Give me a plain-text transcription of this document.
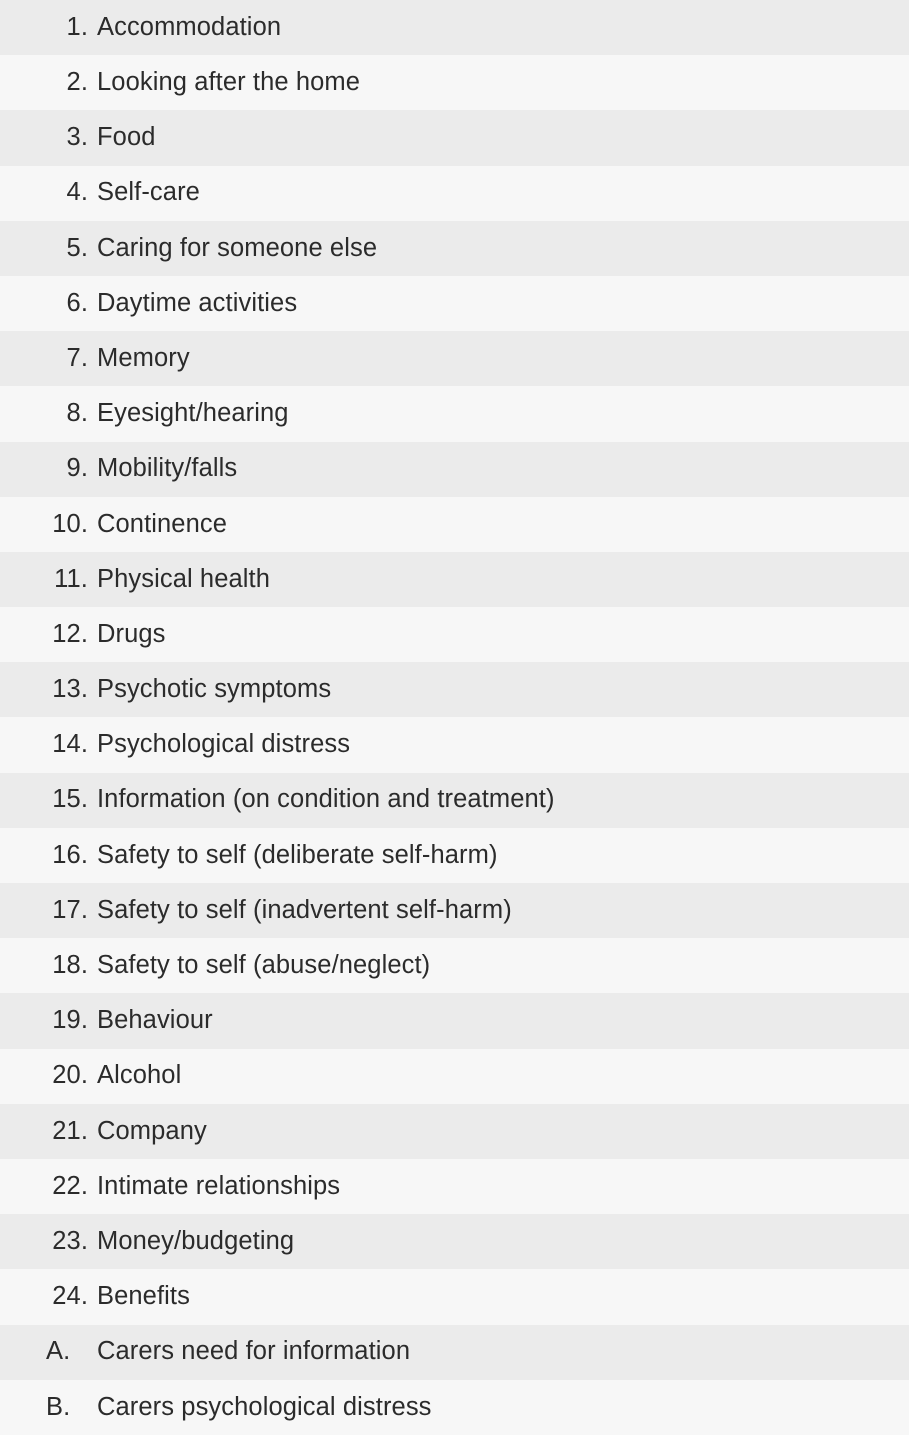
1. Accommodation
2. Looking after the home
3. Food
4. Self-care
5. Caring for someone else
6. Daytime activities
7. Memory
8. Eyesight/hearing
9. Mobility/falls
10. Continence
11. Physical health
12. Drugs
13. Psychotic symptoms
14. Psychological distress
15. Information (on condition and treatment)
16. Safety to self (deliberate self-harm)
17. Safety to self (inadvertent self-harm)
18. Safety to self (abuse/neglect)
19. Behaviour
20. Alcohol
21. Company
22. Intimate relationships
23. Money/budgeting
24. Benefits
A. Carers need for information
B. Carers psychological distress
